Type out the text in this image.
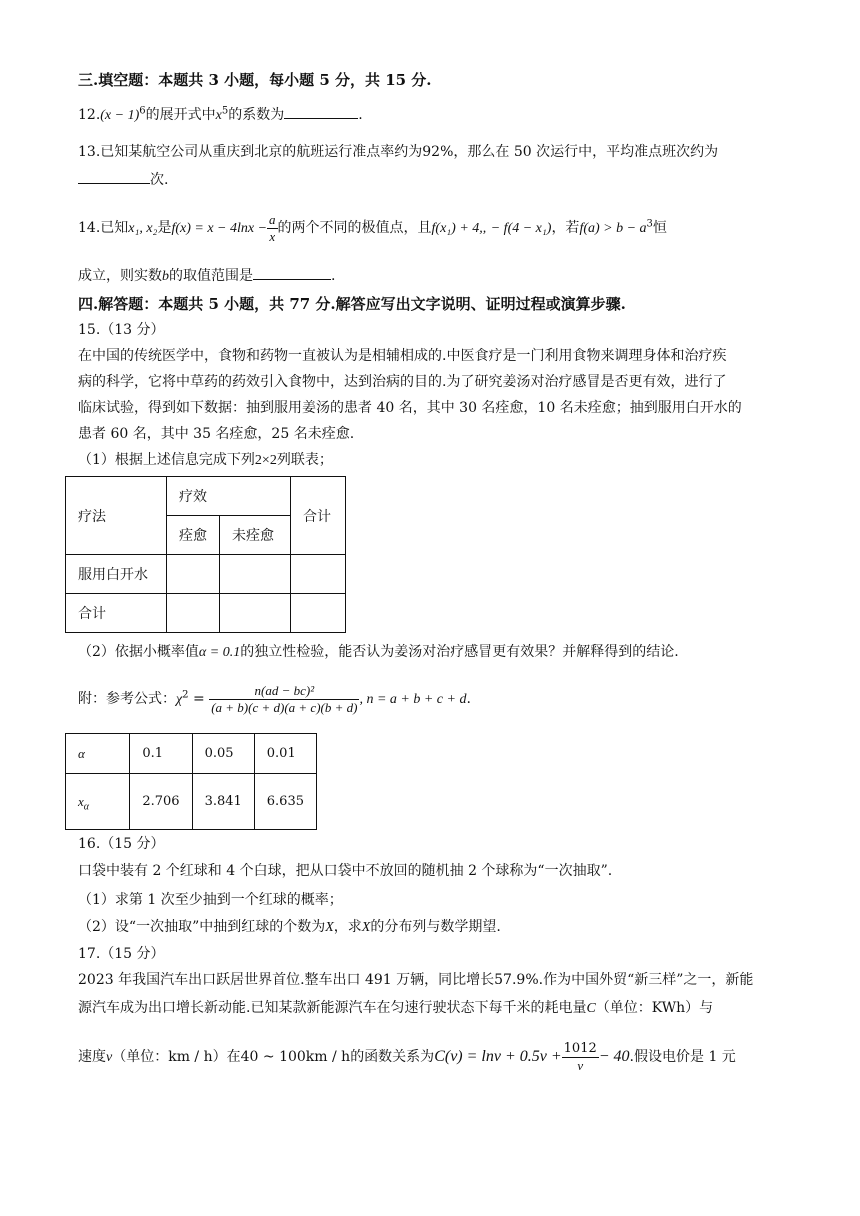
三.填空题：本题共 3 小题，每小题 5 分，共 15 分.
$12.(x - 1)^6$的展开式中$x^5$的系数为	.
13.已知某航空公司从重庆到北京的航班运行准点率约为92%，那么在 50 次运行中，平均准点班次约为
次.
14.已知x₁, x₂是$f(x) = x - 4\ln x - \frac{a}{x}$ 的两个不同的极值点，且f(x₁) + 4,, − f(4 − x₁)，若$f(a) > b - a^3$恒
成立，则实数b的取值范围是	.
四.解答题：本题共 5 小题，共 77 分.解答应写出文字说明、证明过程或演算步骤.
15.（13 分）
在中国的传统医学中，食物和药物一直被认为是相辅相成的.中医食疗是一门利用食物来调理身体和治疗疾
病的科学，它将中草药的药效引入食物中，达到治病的目的.为了研究姜汤对治疗感冒是否更有效，进行了
临床试验，得到如下数据：抽到服用姜汤的患者 40 名，其中 30 名痊愈，10 名未痊愈；抽到服用白开水的
患者 60 名，其中 35 名痊愈，25 名未痊愈.
（1）根据上述信息完成下列2×2列联表；
疗法	疗效		合计
	痊愈	未痊愈	
服用白开水			
合计			
（2）依据小概率值α = 0.1的独立性检验，能否认为姜汤对治疗感冒更有效果？并解释得到的结论.
附：参考公式：$\chi^2 = \frac{\text{n(ad − bc)²}}{(a + b)(c + d)(a + c)(b + d)}$ , n = a + b + c + d.
α	0.1	0.05	0.01
$x_\alpha$	2.706	3.841	6.635
16.（15 分）
口袋中装有 2 个红球和 4 个白球，把从口袋中不放回的随机抽 2 个球称为“一次抽取”.
（1）求第 1 次至少抽到一个红球的概率；
（2）设“一次抽取”中抽到红球的个数为X，求X的分布列与数学期望.
17.（15 分）
2023 年我国汽车出口跃居世界首位.整车出口 491 万辆，同比增长57.9%.作为中国外贸“新三样”之一，新能
源汽车成为出口增长新动能.已知某款新能源汽车在匀速行驶状态下每千米的耗电量C（单位：KWh）与
速度v（单位：km / h）在40 ~ 100km / h的函数关系为$C(v) = \ln v + 0.5v + \frac{1012}{v} - 40$.假设电价是 1 元
